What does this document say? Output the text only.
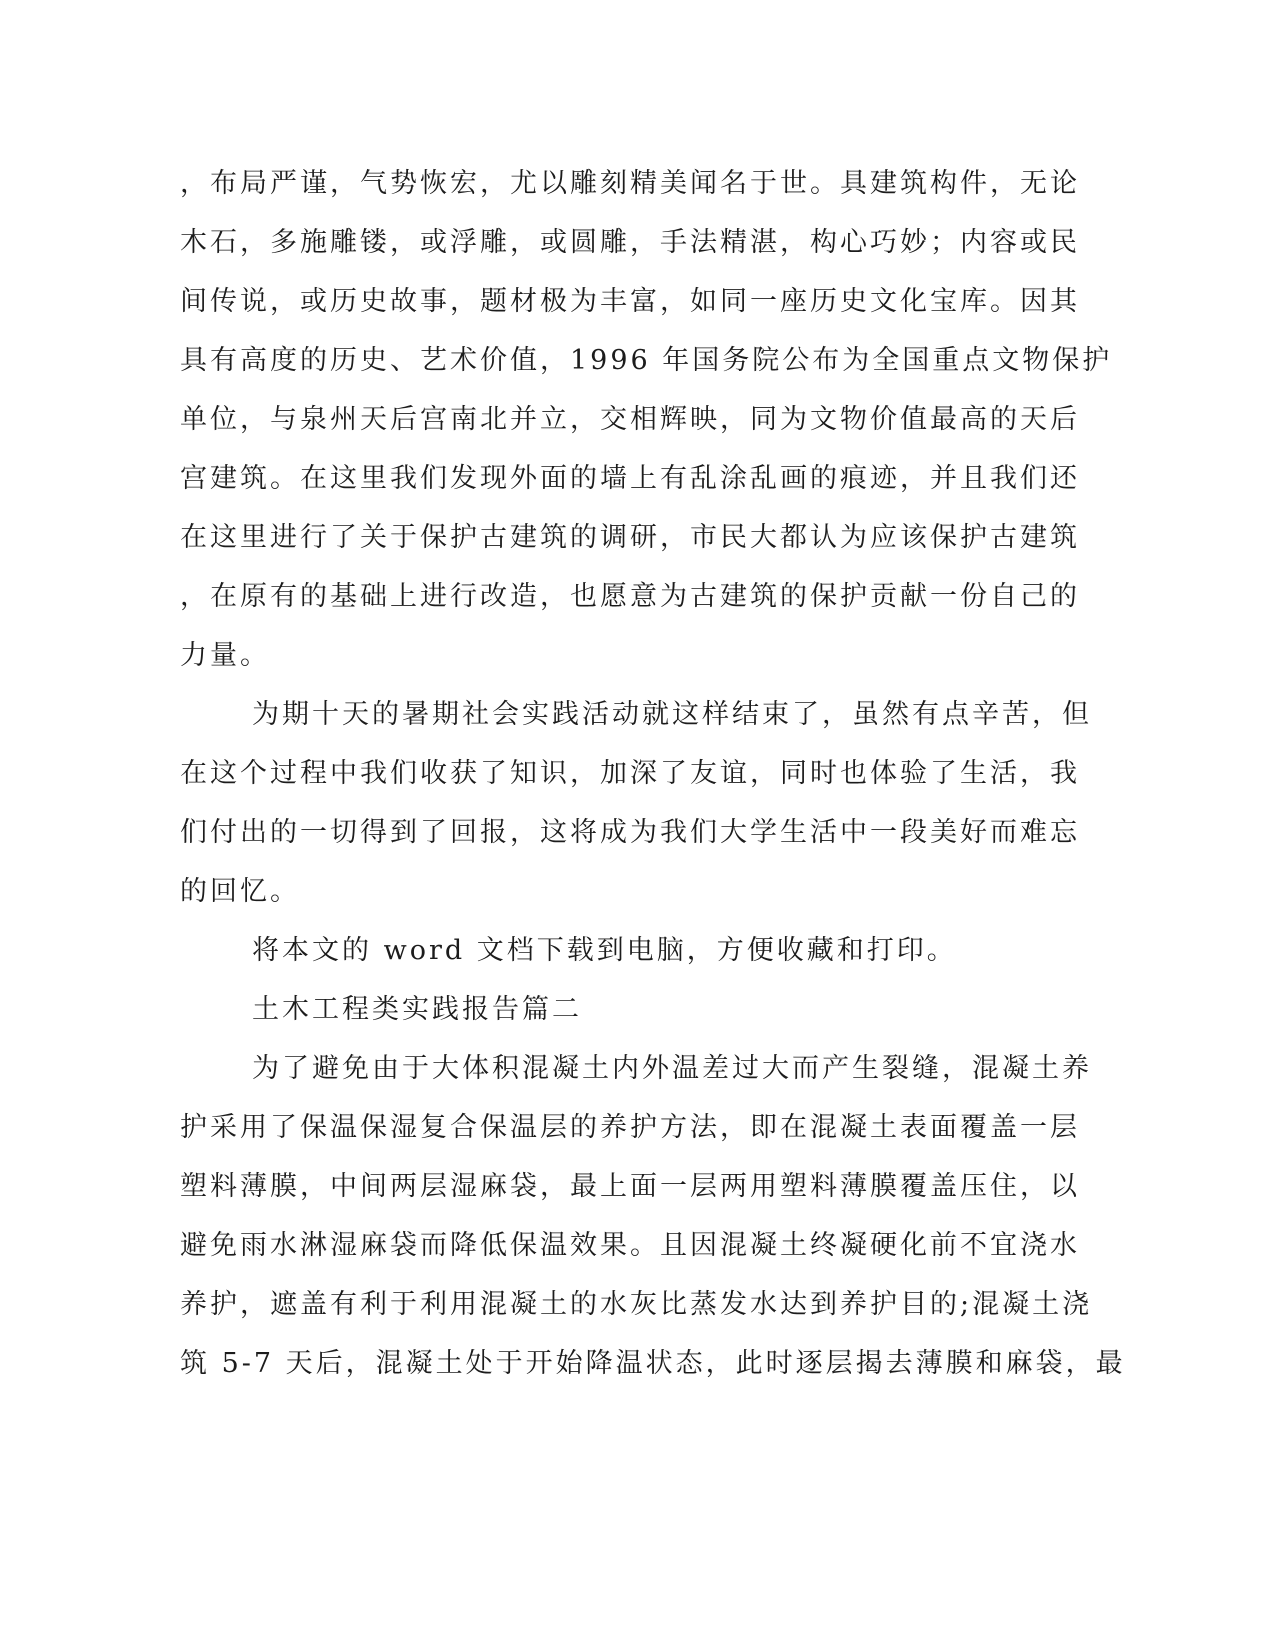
，布局严谨，气势恢宏，尤以雕刻精美闻名于世。具建筑构件，无论
木石，多施雕镂，或浮雕，或圆雕，手法精湛，构心巧妙；内容或民
间传说，或历史故事，题材极为丰富，如同一座历史文化宝库。因其
具有高度的历史、艺术价值，1996 年国务院公布为全国重点文物保护
单位，与泉州天后宫南北并立，交相辉映，同为文物价值最高的天后
宫建筑。在这里我们发现外面的墙上有乱涂乱画的痕迹，并且我们还
在这里进行了关于保护古建筑的调研，市民大都认为应该保护古建筑
，在原有的基础上进行改造，也愿意为古建筑的保护贡献一份自己的
力量。
为期十天的暑期社会实践活动就这样结束了，虽然有点辛苦，但
在这个过程中我们收获了知识，加深了友谊，同时也体验了生活，我
们付出的一切得到了回报，这将成为我们大学生活中一段美好而难忘
的回忆。
将本文的 word 文档下载到电脑，方便收藏和打印。
土木工程类实践报告篇二
为了避免由于大体积混凝土内外温差过大而产生裂缝，混凝土养
护采用了保温保湿复合保温层的养护方法，即在混凝土表面覆盖一层
塑料薄膜，中间两层湿麻袋，最上面一层两用塑料薄膜覆盖压住，以
避免雨水淋湿麻袋而降低保温效果。且因混凝土终凝硬化前不宜浇水
养护，遮盖有利于利用混凝土的水灰比蒸发水达到养护目的;混凝土浇
筑 5-7 天后，混凝土处于开始降温状态，此时逐层揭去薄膜和麻袋，最
